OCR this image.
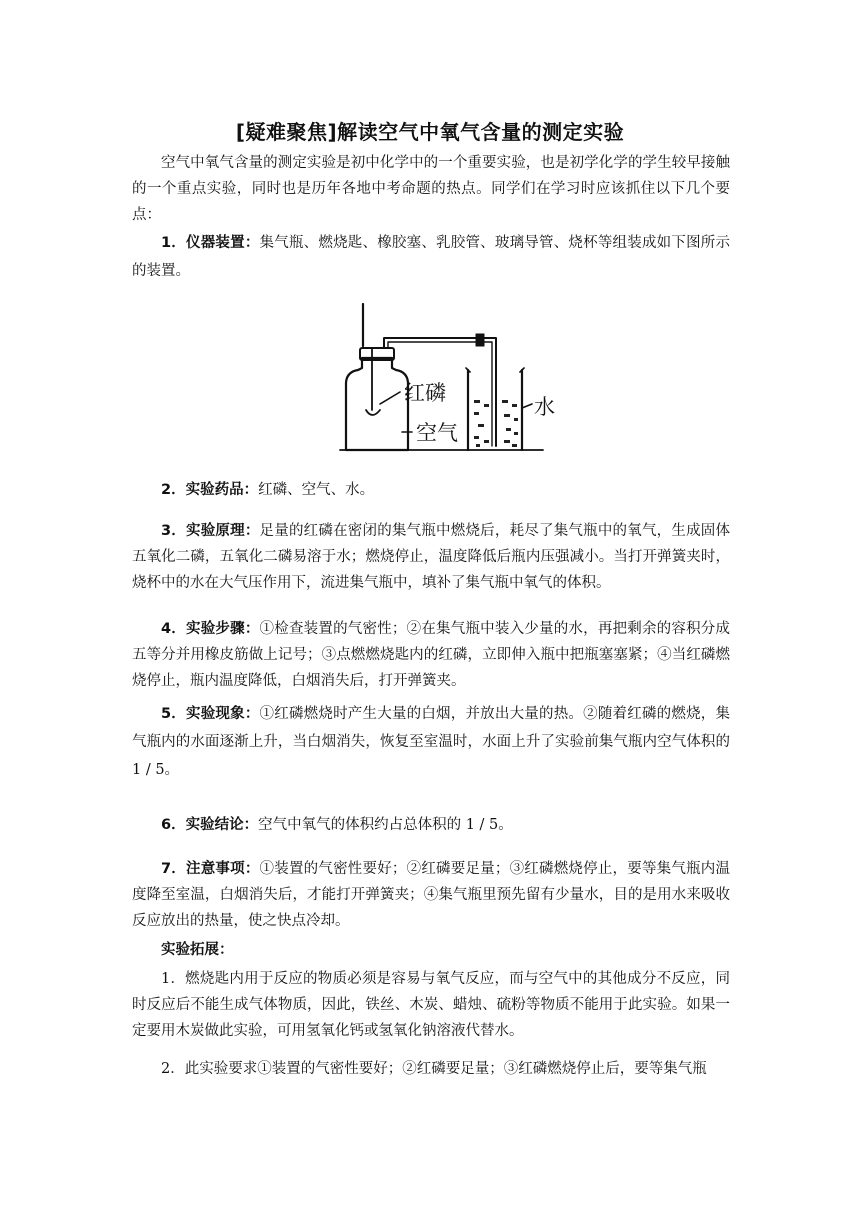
[疑难聚焦]解读空气中氧气含量的测定实验

空气中氧气含量的测定实验是初中化学中的一个重要实验，也是初学化学的学生较早接触的一个重点实验，同时也是历年各地中考命题的热点。同学们在学习时应该抓住以下几个要点：

1．仪器装置：集气瓶、燃烧匙、橡胶塞、乳胶管、玻璃导管、烧杯等组装成如下图所示的装置。

红磷
空气
水

2．实验药品：红磷、空气、水。

3．实验原理：足量的红磷在密闭的集气瓶中燃烧后，耗尽了集气瓶中的氧气，生成固体五氧化二磷，五氧化二磷易溶于水；燃烧停止，温度降低后瓶内压强减小。当打开弹簧夹时，烧杯中的水在大气压作用下，流进集气瓶中，填补了集气瓶中氧气的体积。

4．实验步骤：①检查装置的气密性；②在集气瓶中装入少量的水，再把剩余的容积分成五等分并用橡皮筋做上记号；③点燃燃烧匙内的红磷，立即伸入瓶中把瓶塞塞紧；④当红磷燃烧停止，瓶内温度降低，白烟消失后，打开弹簧夹。

5．实验现象：①红磷燃烧时产生大量的白烟，并放出大量的热。②随着红磷的燃烧，集气瓶内的水面逐渐上升，当白烟消失，恢复至室温时，水面上升了实验前集气瓶内空气体积的 1 / 5。

6．实验结论：空气中氧气的体积约占总体积的 1 / 5。

7．注意事项：①装置的气密性要好；②红磷要足量；③红磷燃烧停止，要等集气瓶内温度降至室温，白烟消失后，才能打开弹簧夹；④集气瓶里预先留有少量水，目的是用水来吸收反应放出的热量，使之快点冷却。

实验拓展：

1．燃烧匙内用于反应的物质必须是容易与氧气反应，而与空气中的其他成分不反应，同时反应后不能生成气体物质，因此，铁丝、木炭、蜡烛、硫粉等物质不能用于此实验。如果一定要用木炭做此实验，可用氢氧化钙或氢氧化钠溶液代替水。

2．此实验要求①装置的气密性要好；②红磷要足量；③红磷燃烧停止后，要等集气瓶
